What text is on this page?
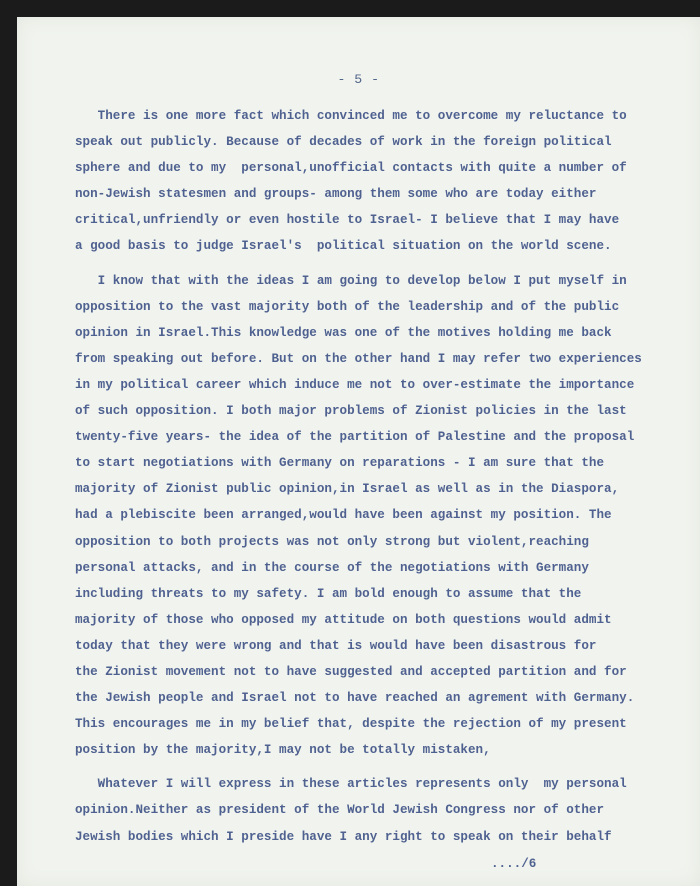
- 5 -
There is one more fact which convinced me to overcome my reluctance to
speak out publicly. Because of decades of work in the foreign political
sphere and due to my  personal,unofficial contacts with quite a number of
non-Jewish statesmen and groups- among them some who are today either
critical,unfriendly or even hostile to Israel- I believe that I may have
a good basis to judge Israel's  political situation on the world scene.
I know that with the ideas I am going to develop below I put myself in
opposition to the vast majority both of the leadership and of the public
opinion in Israel.This knowledge was one of the motives holding me back
from speaking out before. But on the other hand I may refer two experiences
in my political career which induce me not to over-estimate the importance
of such opposition. I both major problems of Zionist policies in the last
twenty-five years- the idea of the partition of Palestine and the proposal
to start negotiations with Germany on reparations - I am sure that the
majority of Zionist public opinion,in Israel as well as in the Diaspora,
had a plebiscite been arranged,would have been against my position. The
opposition to both projects was not only strong but violent,reaching
personal attacks, and in the course of the negotiations with Germany
including threats to my safety. I am bold enough to assume that the
majority of those who opposed my attitude on both questions would admit
today that they were wrong and that is would have been disastrous for
the Zionist movement not to have suggested and accepted partition and for
the Jewish people and Israel not to have reached an agrement with Germany.
This encourages me in my belief that, despite the rejection of my present
position by the majority,I may not be totally mistaken,
Whatever I will express in these articles represents only  my personal
opinion.Neither as president of the World Jewish Congress nor of other
Jewish bodies which I preside have I any right to speak on their behalf
..../6
